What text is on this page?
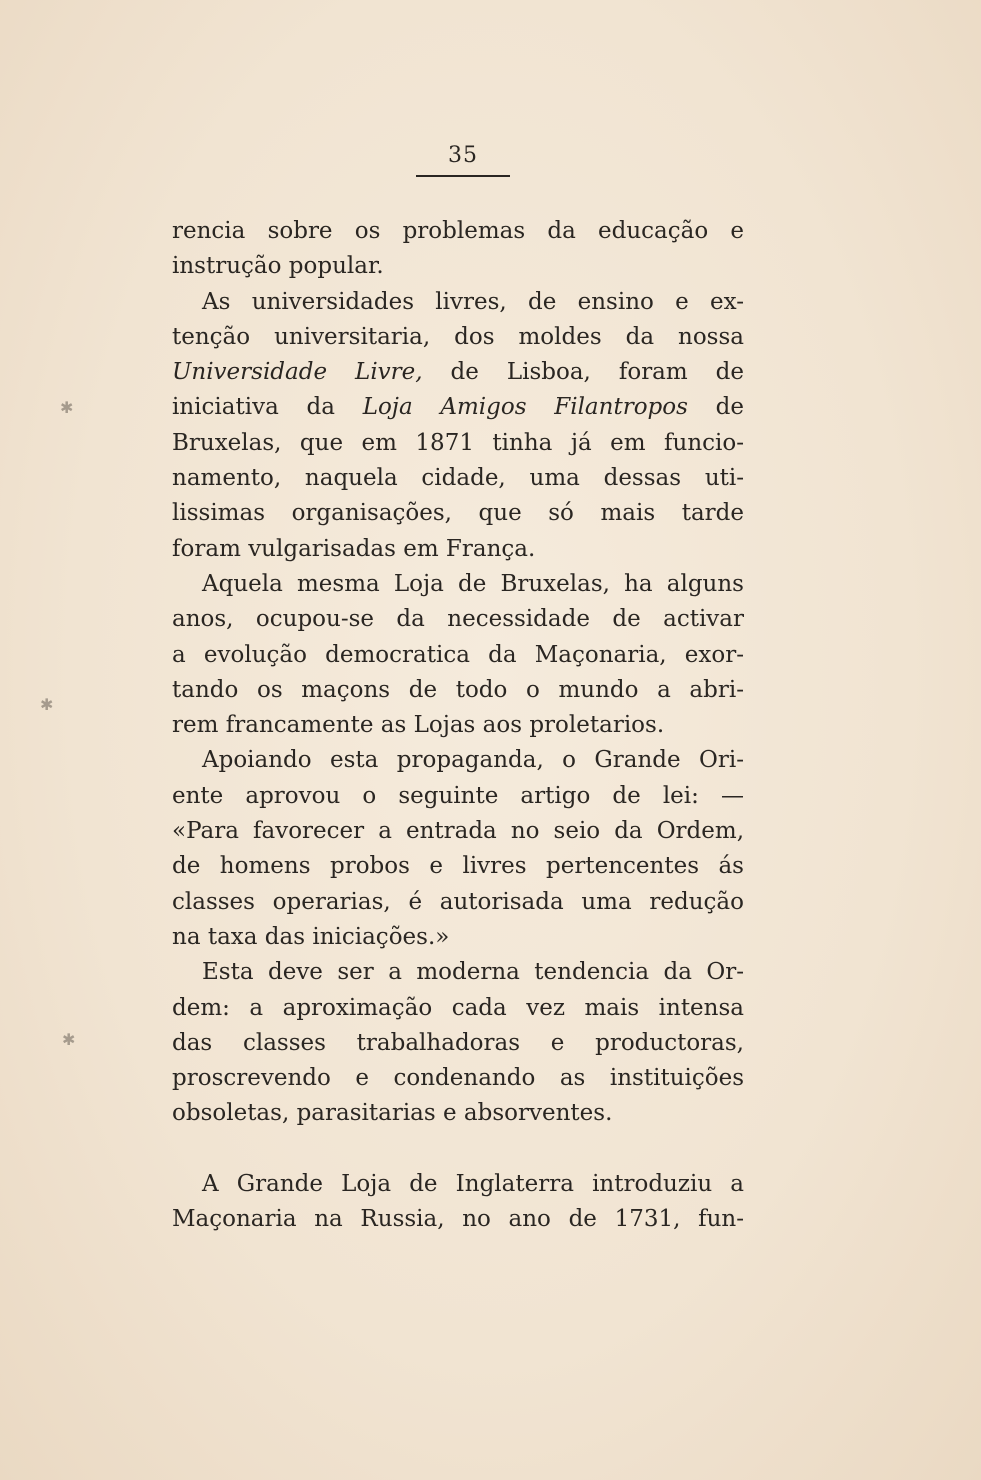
35
✱
✱
✱
rencia sobre os problemas da educação e
instrução popular.
As universidades livres, de ensino e ex-
tenção universitaria, dos moldes da nossa
Universidade Livre, de Lisboa, foram de
iniciativa da Loja Amigos Filantropos de
Bruxelas, que em 1871 tinha já em funcio-
namento, naquela cidade, uma dessas uti-
lissimas organisações, que só mais tarde
foram vulgarisadas em França.
Aquela mesma Loja de Bruxelas, ha alguns
anos, ocupou-se da necessidade de activar
a evolução democratica da Maçonaria, exor-
tando os maçons de todo o mundo a abri-
rem francamente as Lojas aos proletarios.
Apoiando esta propaganda, o Grande Ori-
ente aprovou o seguinte artigo de lei: —
«Para favorecer a entrada no seio da Ordem,
de homens probos e livres pertencentes ás
classes operarias, é autorisada uma redução
na taxa das iniciações.»
Esta deve ser a moderna tendencia da Or-
dem: a aproximação cada vez mais intensa
das classes trabalhadoras e productoras,
proscrevendo e condenando as instituições
obsoletas, parasitarias e absorventes.
A Grande Loja de Inglaterra introduziu a
Maçonaria na Russia, no ano de 1731, fun-
